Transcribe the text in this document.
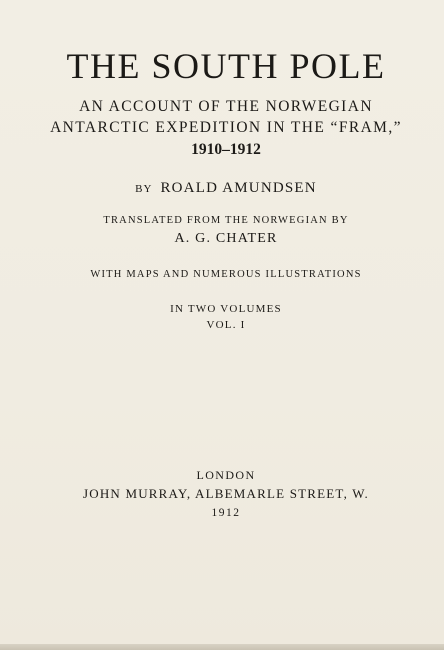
THE SOUTH POLE
AN ACCOUNT OF THE NORWEGIAN
ANTARCTIC EXPEDITION IN THE “FRAM,”
1910–1912
BY ROALD AMUNDSEN
TRANSLATED FROM THE NORWEGIAN BY
A. G. CHATER
WITH MAPS AND NUMEROUS ILLUSTRATIONS
IN TWO VOLUMES
VOL. I
LONDON
JOHN MURRAY, ALBEMARLE STREET, W.
1912
